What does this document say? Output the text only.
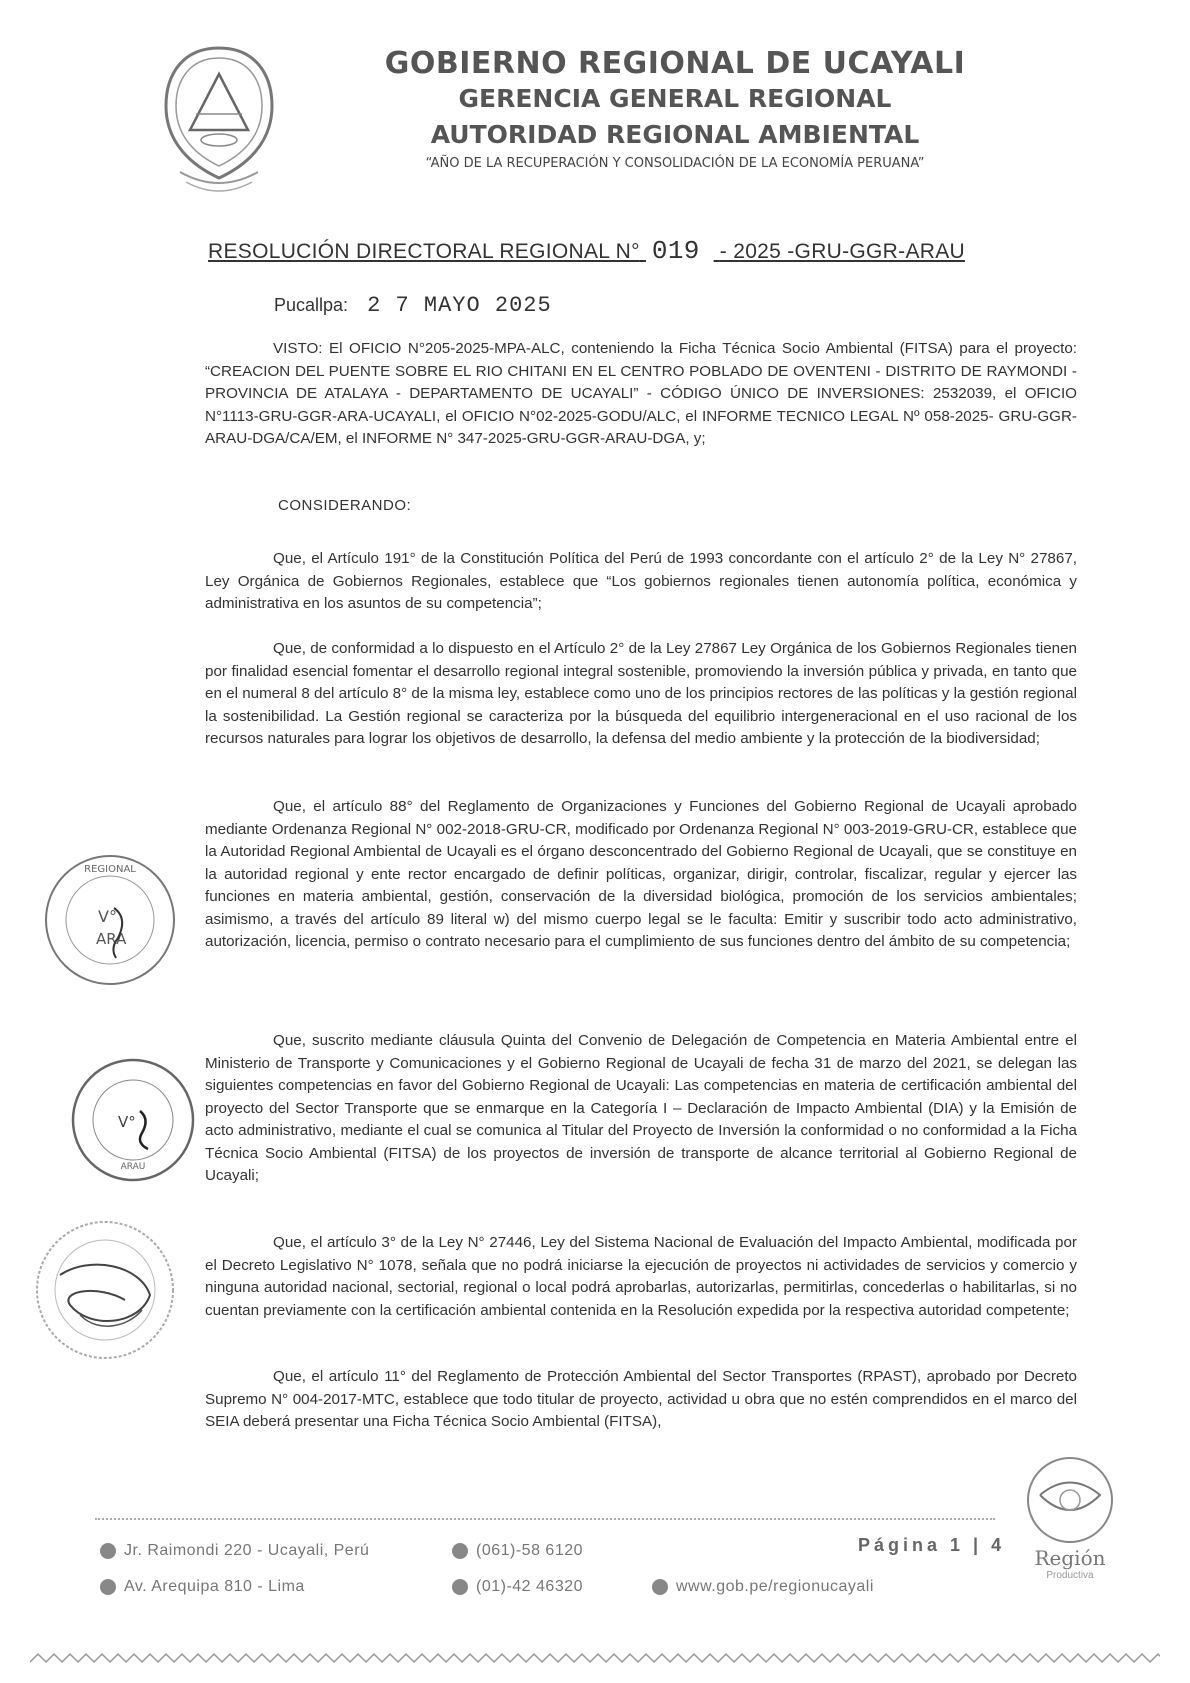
GOBIERNO REGIONAL DE UCAYALI
GERENCIA GENERAL REGIONAL
AUTORIDAD REGIONAL AMBIENTAL
“AÑO DE LA RECUPERACIÓN Y CONSOLIDACIÓN DE LA ECONOMÍA PERUANA”
RESOLUCIÓN DIRECTORAL REGIONAL N° 019 - 2025 -GRU-GGR-ARAU
Pucallpa: 2 7 MAYO 2025

VISTO: El OFICIO N°205-2025-MPA-ALC, conteniendo la Ficha Técnica Socio Ambiental (FITSA) para el proyecto: “CREACION DEL PUENTE SOBRE EL RIO CHITANI EN EL CENTRO POBLADO DE OVENTENI - DISTRITO DE RAYMONDI - PROVINCIA DE ATALAYA - DEPARTAMENTO DE UCAYALI” - CÓDIGO ÚNICO DE INVERSIONES: 2532039, el OFICIO N°1113-GRU-GGR-ARA-UCAYALI, el OFICIO N°02-2025-GODU/ALC, el INFORME TECNICO LEGAL Nº 058-2025- GRU-GGR-ARAU-DGA/CA/EM, el INFORME N° 347-2025-GRU-GGR-ARAU-DGA, y;

CONSIDERANDO:

Que, el Artículo 191° de la Constitución Política del Perú de 1993 concordante con el artículo 2° de la Ley N° 27867, Ley Orgánica de Gobiernos Regionales, establece que “Los gobiernos regionales tienen autonomía política, económica y administrativa en los asuntos de su competencia”;

Que, de conformidad a lo dispuesto en el Artículo 2° de la Ley 27867 Ley Orgánica de los Gobiernos Regionales tienen por finalidad esencial fomentar el desarrollo regional integral sostenible, promoviendo la inversión pública y privada, en tanto que en el numeral 8 del artículo 8° de la misma ley, establece como uno de los principios rectores de las políticas y la gestión regional la sostenibilidad. La Gestión regional se caracteriza por la búsqueda del equilibrio intergeneracional en el uso racional de los recursos naturales para lograr los objetivos de desarrollo, la defensa del medio ambiente y la protección de la biodiversidad;

Que, el artículo 88° del Reglamento de Organizaciones y Funciones del Gobierno Regional de Ucayali aprobado mediante Ordenanza Regional N° 002-2018-GRU-CR, modificado por Ordenanza Regional N° 003-2019-GRU-CR, establece que la Autoridad Regional Ambiental de Ucayali es el órgano desconcentrado del Gobierno Regional de Ucayali, que se constituye en la autoridad regional y ente rector encargado de definir políticas, organizar, dirigir, controlar, fiscalizar, regular y ejercer las funciones en materia ambiental, gestión, conservación de la diversidad biológica, promoción de los servicios ambientales; asimismo, a través del artículo 89 literal w) del mismo cuerpo legal se le faculta: Emitir y suscribir todo acto administrativo, autorización, licencia, permiso o contrato necesario para el cumplimiento de sus funciones dentro del ámbito de su competencia;

Que, suscrito mediante cláusula Quinta del Convenio de Delegación de Competencia en Materia Ambiental entre el Ministerio de Transporte y Comunicaciones y el Gobierno Regional de Ucayali de fecha 31 de marzo del 2021, se delegan las siguientes competencias en favor del Gobierno Regional de Ucayali: Las competencias en materia de certificación ambiental del proyecto del Sector Transporte que se enmarque en la Categoría I – Declaración de Impacto Ambiental (DIA) y la Emisión de acto administrativo, mediante el cual se comunica al Titular del Proyecto de Inversión la conformidad o no conformidad a la Ficha Técnica Socio Ambiental (FITSA) de los proyectos de inversión de transporte de alcance territorial al Gobierno Regional de Ucayali;

Que, el artículo 3° de la Ley N° 27446, Ley del Sistema Nacional de Evaluación del Impacto Ambiental, modificada por el Decreto Legislativo N° 1078, señala que no podrá iniciarse la ejecución de proyectos ni actividades de servicios y comercio y ninguna autoridad nacional, sectorial, regional o local podrá aprobarlas, autorizarlas, permitirlas, concederlas o habilitarlas, si no cuentan previamente con la certificación ambiental contenida en la Resolución expedida por la respectiva autoridad competente;

Que, el artículo 11° del Reglamento de Protección Ambiental del Sector Transportes (RPAST), aprobado por Decreto Supremo N° 004-2017-MTC, establece que todo titular de proyecto, actividad u obra que no estén comprendidos en el marco del SEIA deberá presentar una Ficha Técnica Socio Ambiental (FITSA),

REGIONAL
V°
ARA
V°
ARAU
Jr. Raimondi 220 - Ucayali, Perú	(061)-58 6120
Av. Arequipa 810 - Lima	(01)-42 46320	www.gob.pe/regionucayali
Página 1 | 4
Región
Productiva
